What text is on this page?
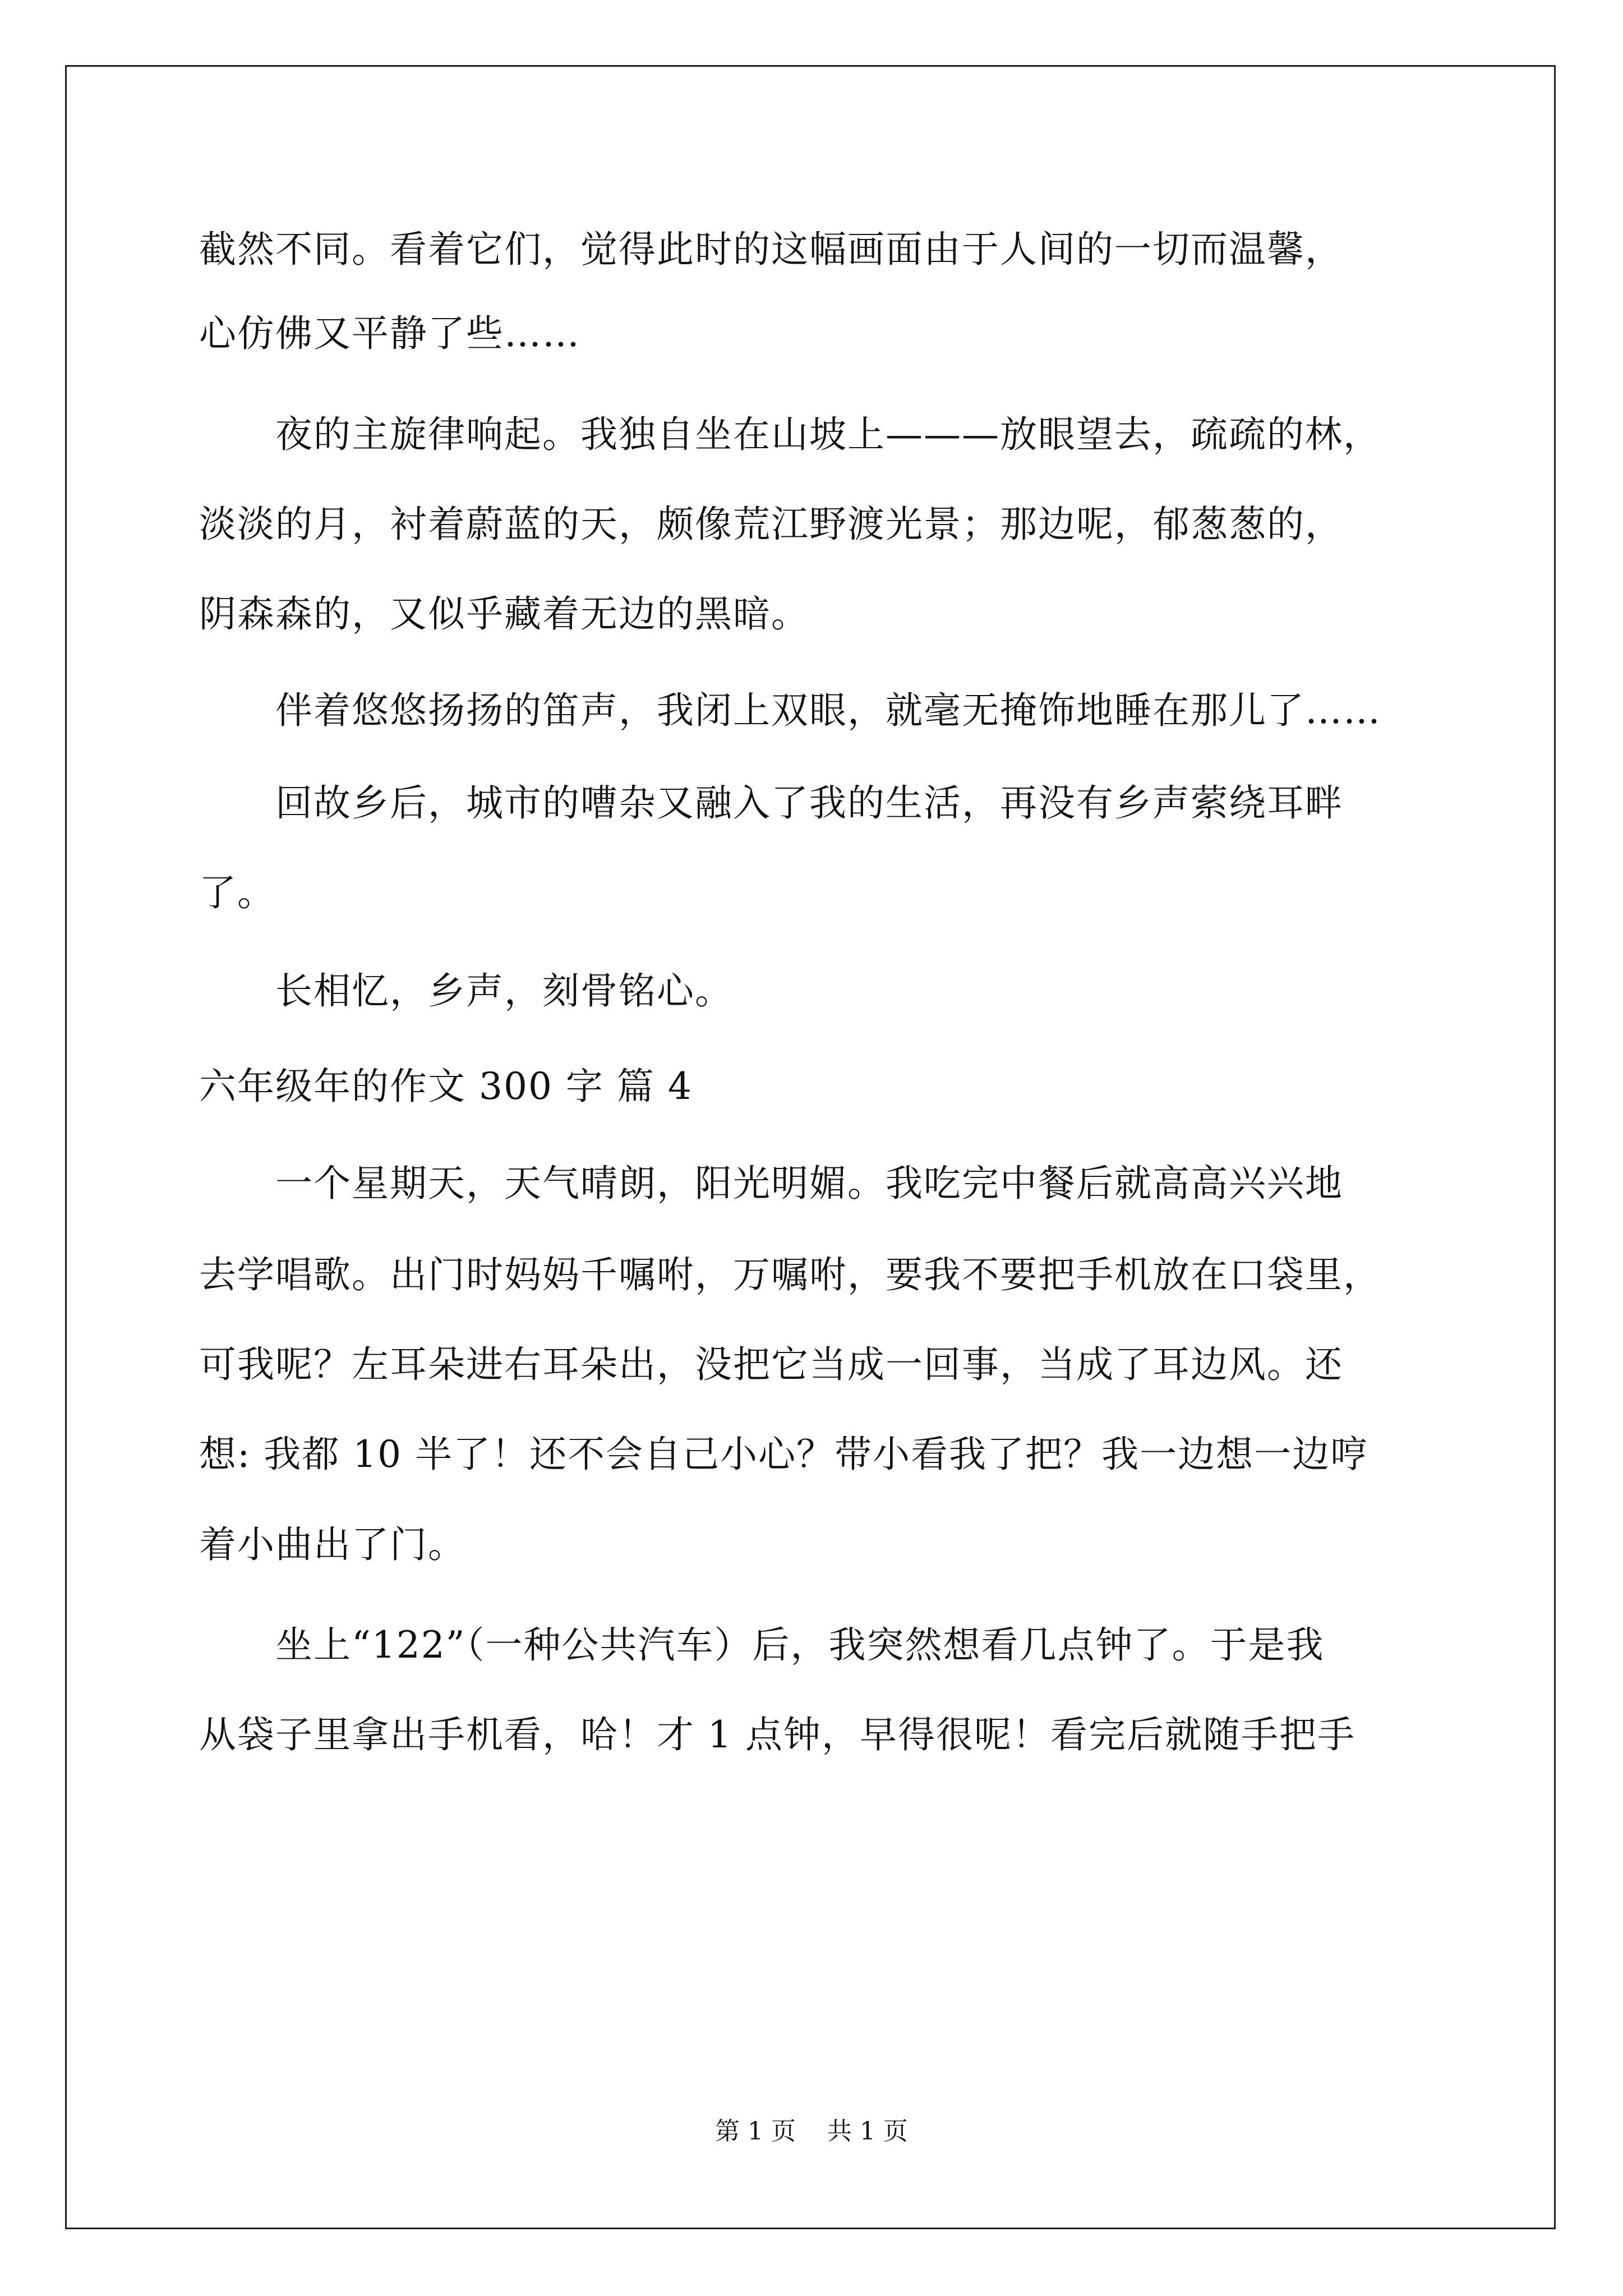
截然不同。看着它们，觉得此时的这幅画面由于人间的一切而温馨，
心仿佛又平静了些……
　　夜的主旋律响起。我独自坐在山坡上———放眼望去，疏疏的林，
淡淡的月，衬着蔚蓝的天，颇像荒江野渡光景；那边呢，郁葱葱的，
阴森森的，又似乎藏着无边的黑暗。
　　伴着悠悠扬扬的笛声，我闭上双眼，就毫无掩饰地睡在那儿了……
　　回故乡后，城市的嘈杂又融入了我的生活，再没有乡声萦绕耳畔
了。
　　长相忆，乡声，刻骨铭心。
六年级年的作文 300 字 篇 4
　　一个星期天，天气晴朗，阳光明媚。我吃完中餐后就高高兴兴地
去学唱歌。出门时妈妈千嘱咐，万嘱咐，要我不要把手机放在口袋里，
可我呢？左耳朵进右耳朵出，没把它当成一回事，当成了耳边风。还
想: 我都 10 半了！还不会自己小心？带小看我了把？我一边想一边哼
着小曲出了门。
　　坐上“122”（一种公共汽车）后，我突然想看几点钟了。于是我
从袋子里拿出手机看，哈！才 1 点钟，早得很呢！看完后就随手把手
第 1 页    共 1 页
